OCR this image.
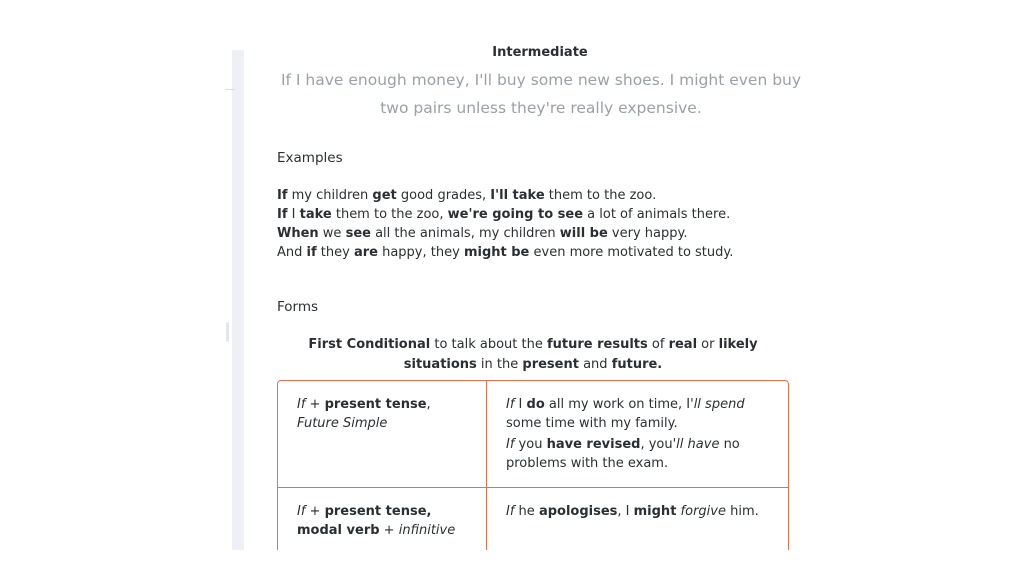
Intermediate
If I have enough money, I'll buy some new shoes. I might even buy two pairs unless they're really expensive.
Examples
If my children get good grades, I'll take them to the zoo.
If I take them to the zoo, we're going to see a lot of animals there.
When we see all the animals, my children will be very happy.
And if they are happy, they might be even more motivated to study.
Forms
First Conditional to talk about the future results of real or likely situations in the present and future.
If + present tense, Future Simple

If I do all my work on time, I'll spend some time with my family.

If you have revised, you'll have no problems with the exam.

If + present tense, modal verb + infinitive

If he apologises, I might forgive him.
